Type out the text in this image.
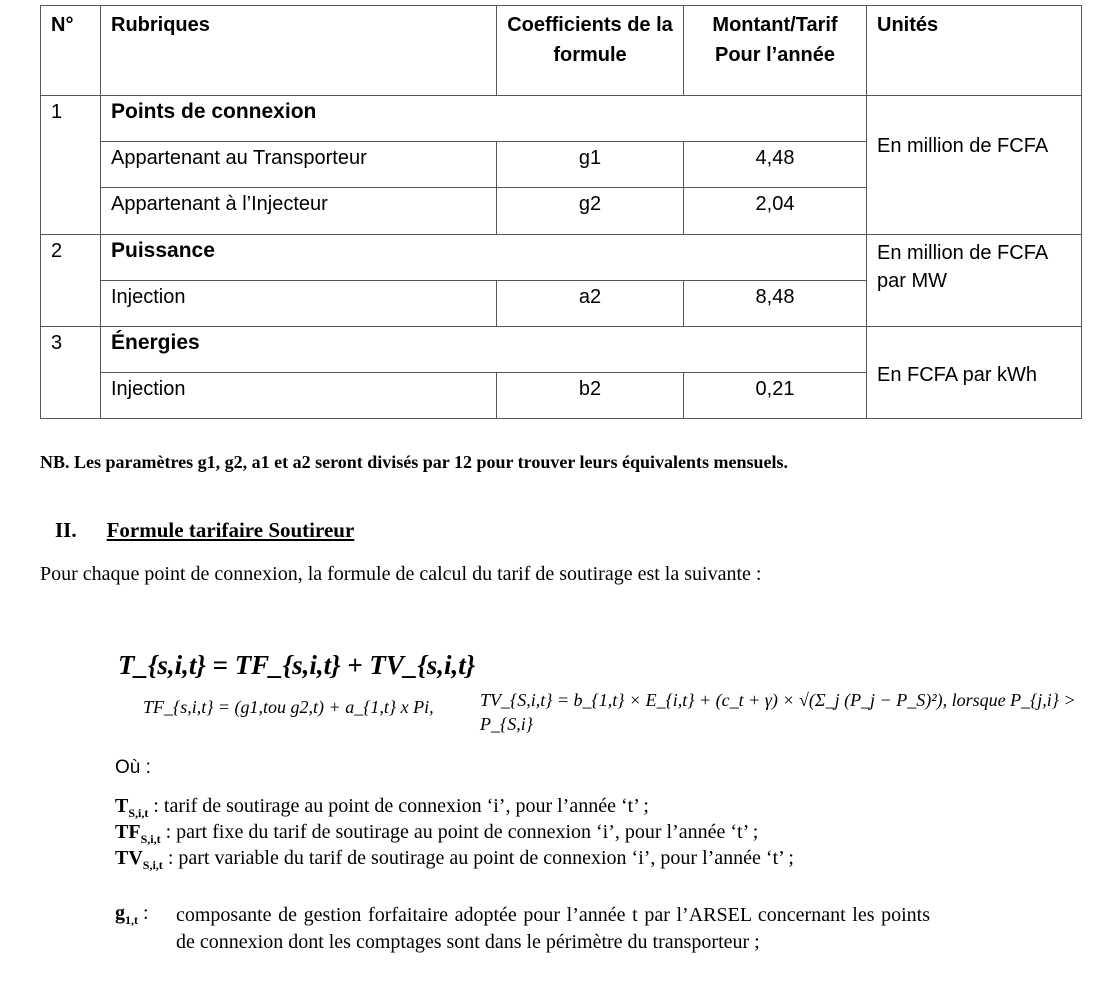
N°	Rubriques	Coefficients de la formule	Montant/Tarif Pour l’année	Unités
1	Points de connexion			En million de FCFA
	Appartenant au Transporteur	g1	4,48	
	Appartenant à l’Injecteur	g2	2,04	
2	Puissance			En million de FCFA par MW
	Injection	a2	8,48	
3	Énergies			En FCFA par kWh
	Injection	b2	0,21	
NB. Les paramètres g1, g2, a1 et a2 seront divisés par 12 pour trouver leurs équivalents mensuels.
II. Formule tarifaire Soutireur
Pour chaque point de connexion, la formule de calcul du tarif de soutirage est la suivante :
T_{s,i,t} = TF_{s,i,t} + TV_{s,i,t}
TF_{s,i,t} = (g1,tou g2,t) + a_{1,t} x Pi,	TV_{S,i,t} = b_{1,t} × E_{i,t} + (c_t + γ) × √(Σ_j (P_j − P_S)²), lorsque P_{j,i} > P_{S,i}
Où :
$T_{S,i,t}$ : tarif de soutirage au point de connexion ‘i’, pour l’année ‘t’ ;
$TF_{S,i,t}$ : part fixe du tarif de soutirage au point de connexion ‘i’, pour l’année ‘t’ ;
$TV_{S,i,t}$ : part variable du tarif de soutirage au point de connexion ‘i’, pour l’année ‘t’ ;
$g_{1,t}$ :	composante de gestion forfaitaire adoptée pour l’année t par l’ARSEL concernant les points de connexion dont les comptages sont dans le périmètre du transporteur ;
